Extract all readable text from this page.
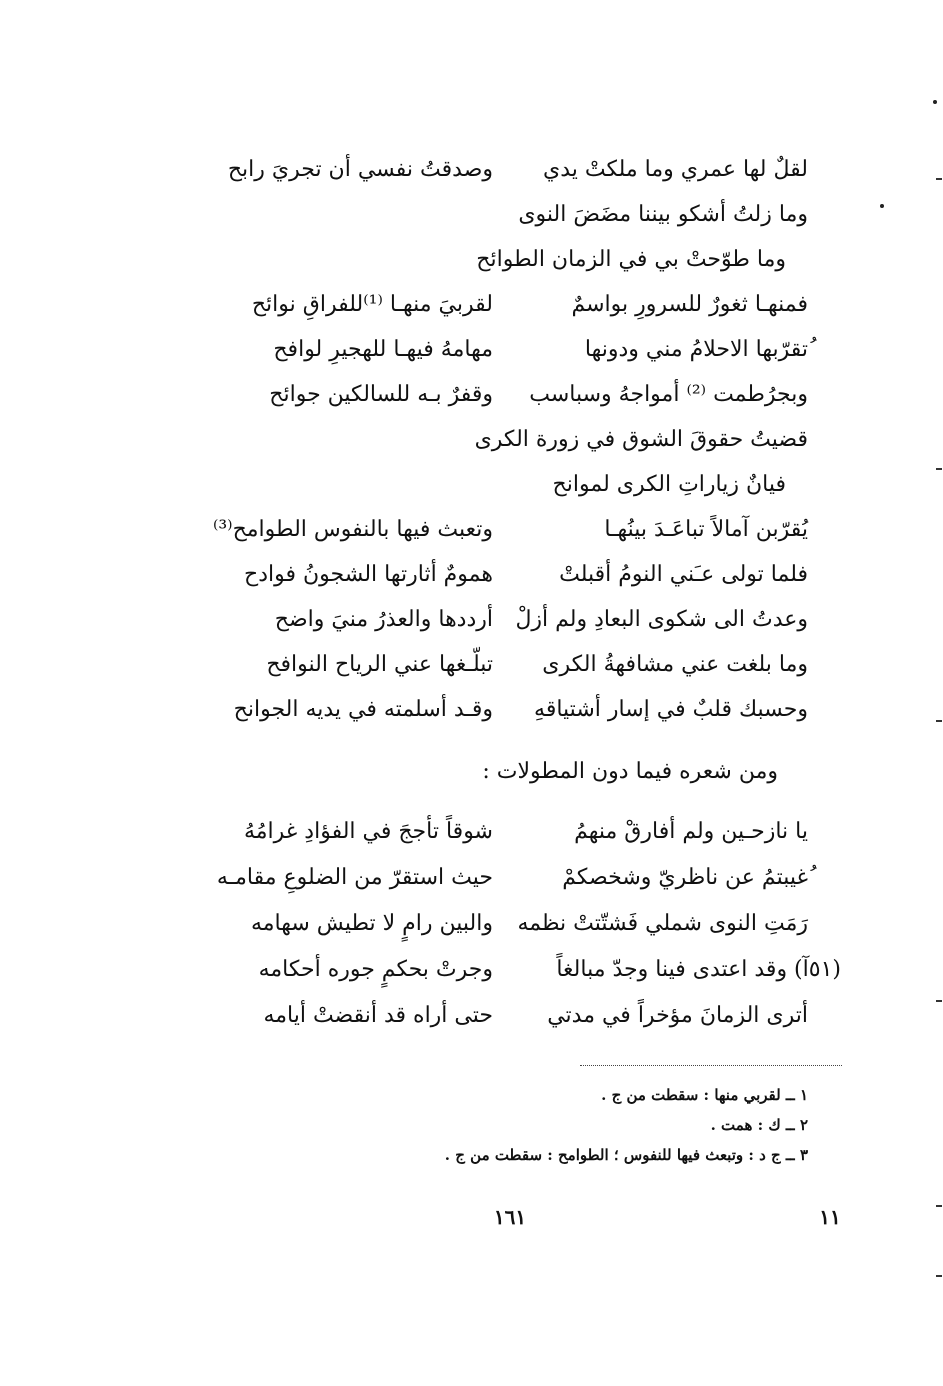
لقلٌ لها عمري وما ملكتْ يدي
وصدقتُ نفسي أن تجريَ رابح
وما زلتُ أشكو بيننا مضَضَ النوى
وما طوّحتْ بي في الزمان الطوائح
فمنهـا ثغورٌ للسرورِ بواسمٌ
لقربيَ منهـا ⁽¹⁾للفراقِ نوائح
ُتقرّبها الاحلامُ مني ودونها
مهامهُ فيهـا للهجيرِ لوافح
وبجرُطمت ⁽²⁾ أمواجهُ وسباسب
وقفرٌ بـه للسالكين جوائح
قضيتُ حقوقَ الشوق في زورة الكرى
فيانٌ زياراتِ الكرى لموانح
يُقرّبن آمالاً تباعَـدَ بينُهـا
وتعبث فيها بالنفوس الطوامح⁽³⁾
فلما تولى عـَني النومُ أقبلتْ
همومٌ أثارتها الشجونُ فوادح
وعدتُ الى شكوى البعادِ ولم أزلْ
أرددها والعذرُ منيَ واضح
وما بلغت عني مشافهةُ الكرى
تبلّـغها عني الرياح النوافح
وحسبك قلبٌ في إسار أشتياقهِ
وقـد أسلمته في يديه الجوانح
ومن شعره فيما دون المطولات :
يا نازحـين ولم أفارقْ منهمُ
شوقاً تأججَ في الفؤادِ غرامُهُ
ُغيبتمُ عن ناظريّ وشخصكمْ
حيث استقرّ من الضلوعِ مقامـه
رَمَتِ النوى شملي فَشتّتتْ نظمه
والبين رامٍ لا تطيش سهامه
(٥١آ) وقد اعتدى فينا وجدّ مبالغاً
وجرتْ بحكمٍ جوره أحكامه
أترى الزمانَ مؤخراً في مدتي
حتى أراه قد أنقضتْ أيامه
١ ــ لقربي منها : سقطت من ج .
٢ ــ ك : همت .
٣ ــ ج د : وتبعث فيها للنفوس ؛ الطوامح : سقطت من ج .
١٦١	١١
